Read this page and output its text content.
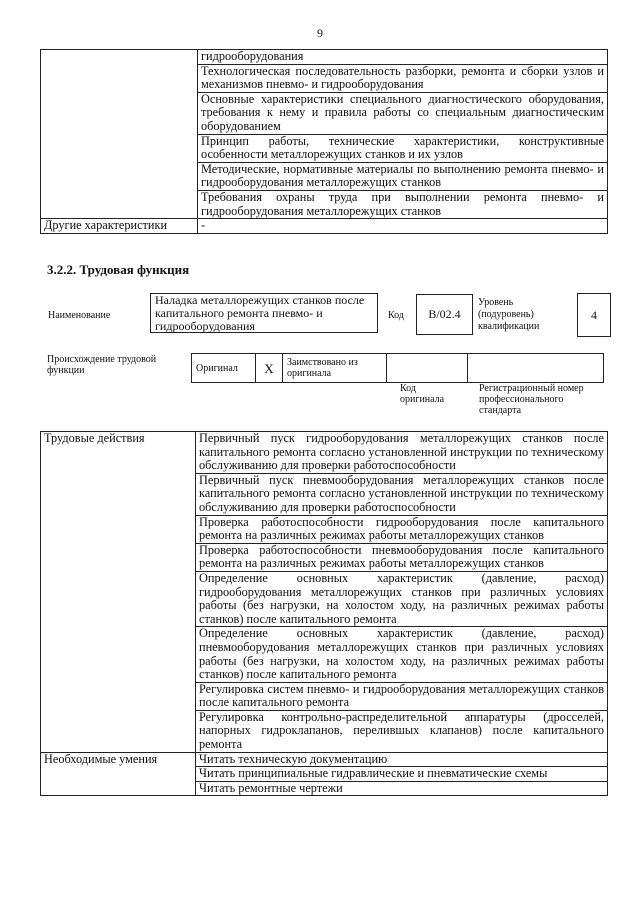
9
	гидрооборудования
	Технологическая последовательность разборки, ремонта и сборки узлов и механизмов пневмо- и гидрооборудования
	Основные характеристики специального диагностического оборудования, требования к нему и правила работы со специальным диагностическим оборудованием
	Принцип работы, технические характеристики, конструктивные особенности металлорежущих станков и их узлов
	Методические, нормативные материалы по выполнению ремонта пневмо- и гидрооборудования металлорежущих станков
	Требования охраны труда при выполнении ремонта пневмо- и гидрооборудования металлорежущих станков
Другие характеристики	-
3.2.2. Трудовая функция
Наименование
Наладка металлорежущих станков после капитального ремонта пневмо- и гидрооборудования
Код	В/02.4
Уровень (подуровень) квалификации
4
Происхождение трудовой функции	Оригинал	X	Заимствовано из оригинала		
Код оригинала
Регистрационный номер профессионального стандарта
Трудовые действия	Первичный пуск гидрооборудования металлорежущих станков после капитального ремонта согласно установленной инструкции по техническому обслуживанию для проверки работоспособности
	Первичный пуск пневмооборудования металлорежущих станков после капитального ремонта согласно установленной инструкции по техническому обслуживанию для проверки работоспособности
	Проверка работоспособности гидрооборудования после капитального ремонта на различных режимах работы металлорежущих станков
	Проверка работоспособности пневмооборудования после капитального ремонта на различных режимах работы металлорежущих станков
	Определение основных характеристик (давление, расход) гидрооборудования металлорежущих станков при различных условиях работы (без нагрузки, на холостом ходу, на различных режимах работы станков) после капитального ремонта
	Определение основных характеристик (давление, расход) пневмооборудования металлорежущих станков при различных условиях работы (без нагрузки, на холостом ходу, на различных режимах работы станков) после капитального ремонта
	Регулировка систем пневмо- и гидрооборудования металлорежущих станков после капитального ремонта
	Регулировка контрольно-распределительной аппаратуры (дросселей, напорных гидроклапанов, перелившых клапанов) после капитального ремонта
Необходимые умения	Читать техническую документацию
	Читать принципиальные гидравлические и пневматические схемы
	Читать ремонтные чертежи
